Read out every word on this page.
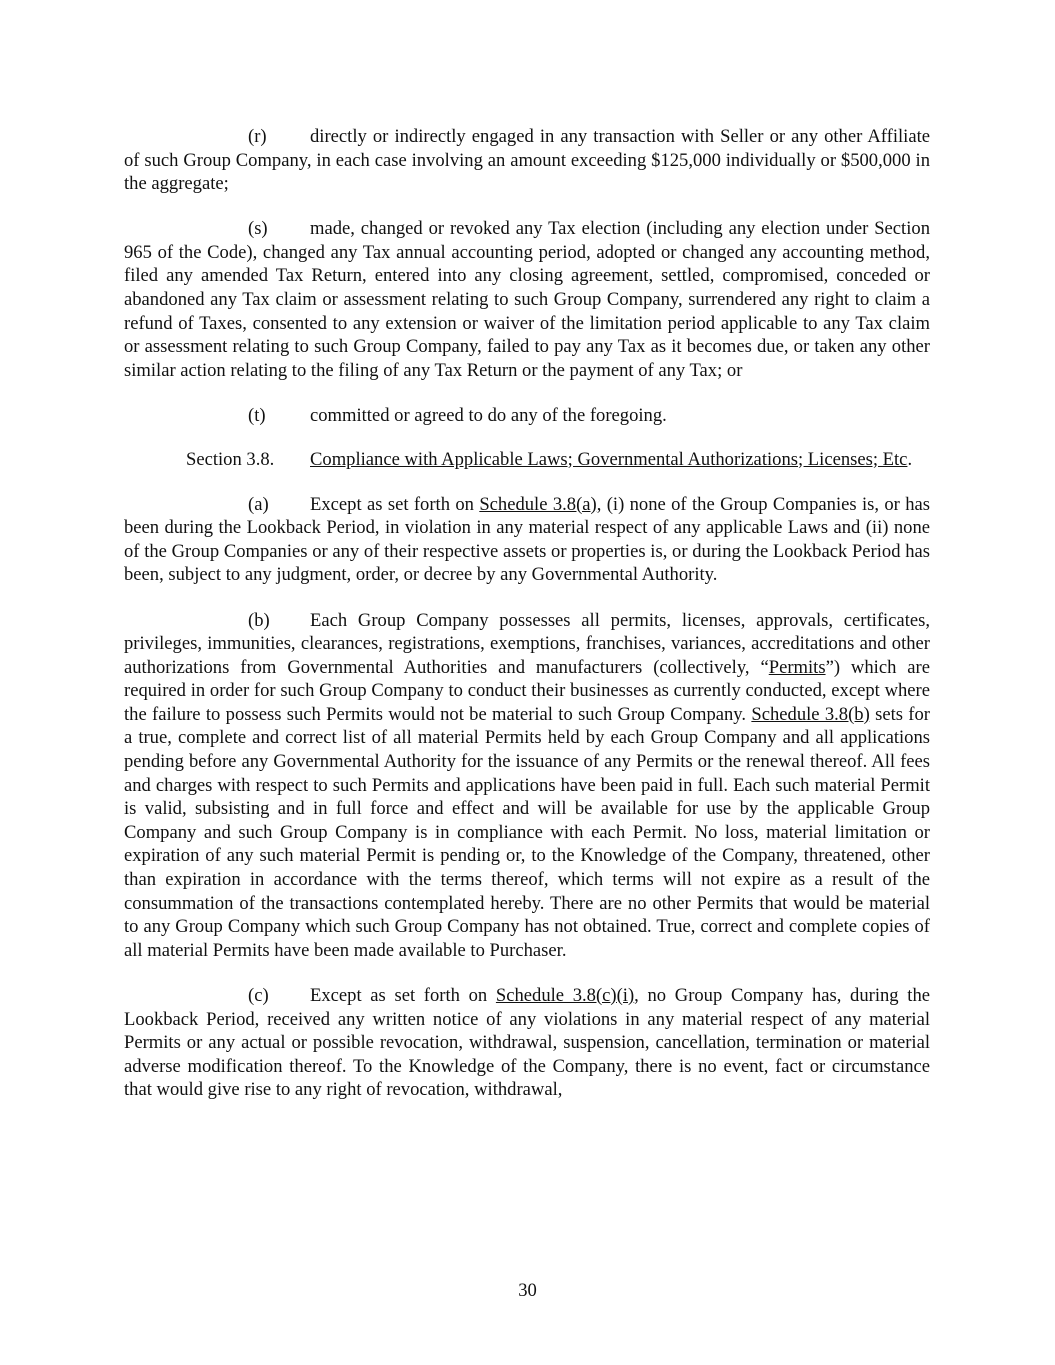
(r) directly or indirectly engaged in any transaction with Seller or any other Affiliate of such Group Company, in each case involving an amount exceeding $125,000 individually or $500,000 in the aggregate;

(s) made, changed or revoked any Tax election (including any election under Section 965 of the Code), changed any Tax annual accounting period, adopted or changed any accounting method, filed any amended Tax Return, entered into any closing agreement, settled, compromised, conceded or abandoned any Tax claim or assessment relating to such Group Company, surrendered any right to claim a refund of Taxes, consented to any extension or waiver of the limitation period applicable to any Tax claim or assessment relating to such Group Company, failed to pay any Tax as it becomes due, or taken any other similar action relating to the filing of any Tax Return or the payment of any Tax; or

(t) committed or agreed to do any of the foregoing.

Section 3.8. Compliance with Applicable Laws; Governmental Authorizations; Licenses; Etc.

(a) Except as set forth on Schedule 3.8(a), (i) none of the Group Companies is, or has been during the Lookback Period, in violation in any material respect of any applicable Laws and (ii) none of the Group Companies or any of their respective assets or properties is, or during the Lookback Period has been, subject to any judgment, order, or decree by any Governmental Authority.

(b) Each Group Company possesses all permits, licenses, approvals, certificates, privileges, immunities, clearances, registrations, exemptions, franchises, variances, accreditations and other authorizations from Governmental Authorities and manufacturers (collectively, “Permits”) which are required in order for such Group Company to conduct their businesses as currently conducted, except where the failure to possess such Permits would not be material to such Group Company. Schedule 3.8(b) sets for a true, complete and correct list of all material Permits held by each Group Company and all applications pending before any Governmental Authority for the issuance of any Permits or the renewal thereof. All fees and charges with respect to such Permits and applications have been paid in full. Each such material Permit is valid, subsisting and in full force and effect and will be available for use by the applicable Group Company and such Group Company is in compliance with each Permit. No loss, material limitation or expiration of any such material Permit is pending or, to the Knowledge of the Company, threatened, other than expiration in accordance with the terms thereof, which terms will not expire as a result of the consummation of the transactions contemplated hereby. There are no other Permits that would be material to any Group Company which such Group Company has not obtained. True, correct and complete copies of all material Permits have been made available to Purchaser.

(c) Except as set forth on Schedule 3.8(c)(i), no Group Company has, during the Lookback Period, received any written notice of any violations in any material respect of any material Permits or any actual or possible revocation, withdrawal, suspension, cancellation, termination or material adverse modification thereof. To the Knowledge of the Company, there is no event, fact or circumstance that would give rise to any right of revocation, withdrawal,

30
